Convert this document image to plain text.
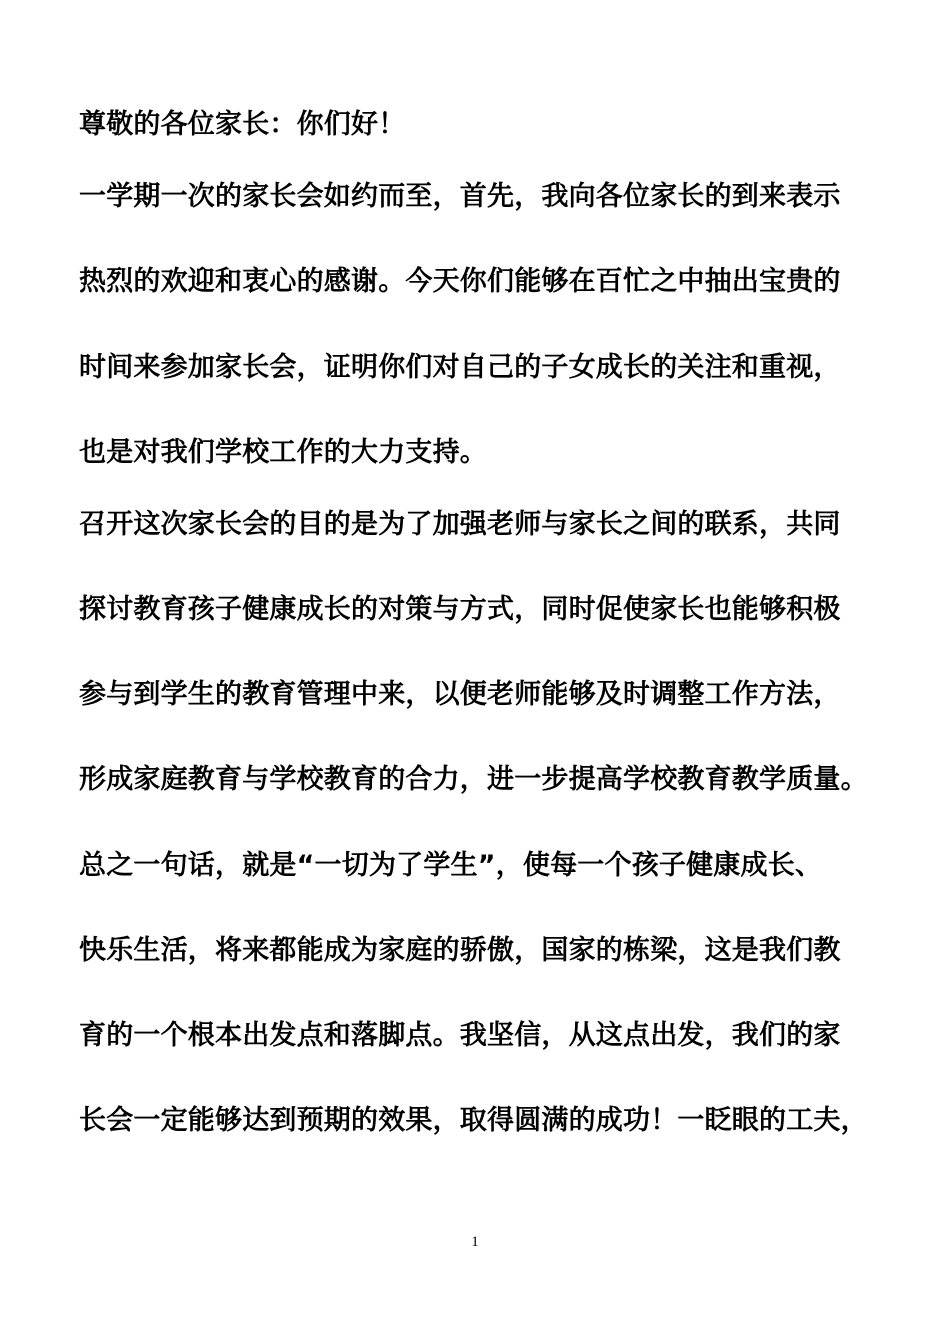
尊敬的各位家长：你们好！
一学期一次的家长会如约而至，首先，我向各位家长的到来表示
热烈的欢迎和衷心的感谢。今天你们能够在百忙之中抽出宝贵的
时间来参加家长会，证明你们对自己的子女成长的关注和重视，
也是对我们学校工作的大力支持。
召开这次家长会的目的是为了加强老师与家长之间的联系，共同
探讨教育孩子健康成长的对策与方式，同时促使家长也能够积极
参与到学生的教育管理中来，以便老师能够及时调整工作方法，
形成家庭教育与学校教育的合力，进一步提高学校教育教学质量。
总之一句话，就是“一切为了学生”，使每一个孩子健康成长、
快乐生活，将来都能成为家庭的骄傲，国家的栋梁，这是我们教
育的一个根本出发点和落脚点。我坚信，从这点出发，我们的家
长会一定能够达到预期的效果，取得圆满的成功！一眨眼的工夫，
1
